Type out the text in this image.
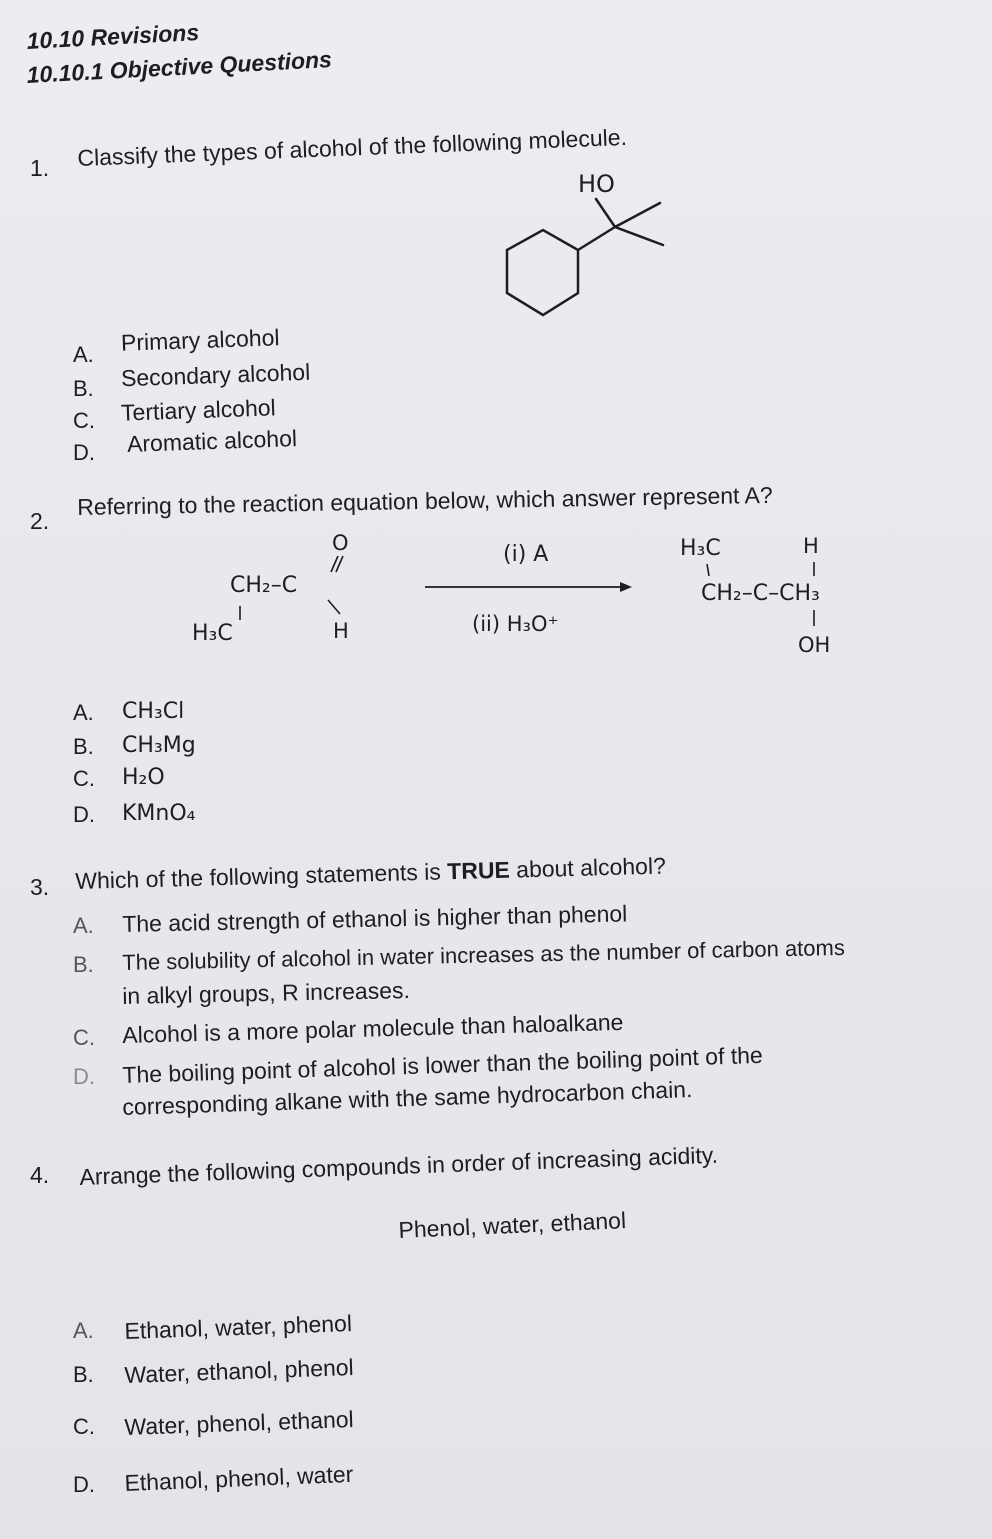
10.10 Revisions
10.10.1 Objective Questions
1. Classify the types of alcohol of the following molecule.
HO
A. Primary alcohol
B. Secondary alcohol
C. Tertiary alcohol
D. Aromatic alcohol
2.
Referring to the reaction equation below, which answer represent A?
O
CH₂–C
H₃C	H
(i) A
(ii) H₃O⁺
H₃C	H
CH₂–C–CH₃
OH
A. CH₃Cl
B. CH₃Mg
C. H₂O
D. KMnO₄
3. Which of the following statements is TRUE about alcohol?
A. The acid strength of ethanol is higher than phenol
B. The solubility of alcohol in water increases as the number of carbon atoms
in alkyl groups, R increases.
C. Alcohol is a more polar molecule than haloalkane
D. The boiling point of alcohol is lower than the boiling point of the
corresponding alkane with the same hydrocarbon chain.
4. Arrange the following compounds in order of increasing acidity.
Phenol, water, ethanol
A. Ethanol, water, phenol
B. Water, ethanol, phenol
C. Water, phenol, ethanol
D. Ethanol, phenol, water
